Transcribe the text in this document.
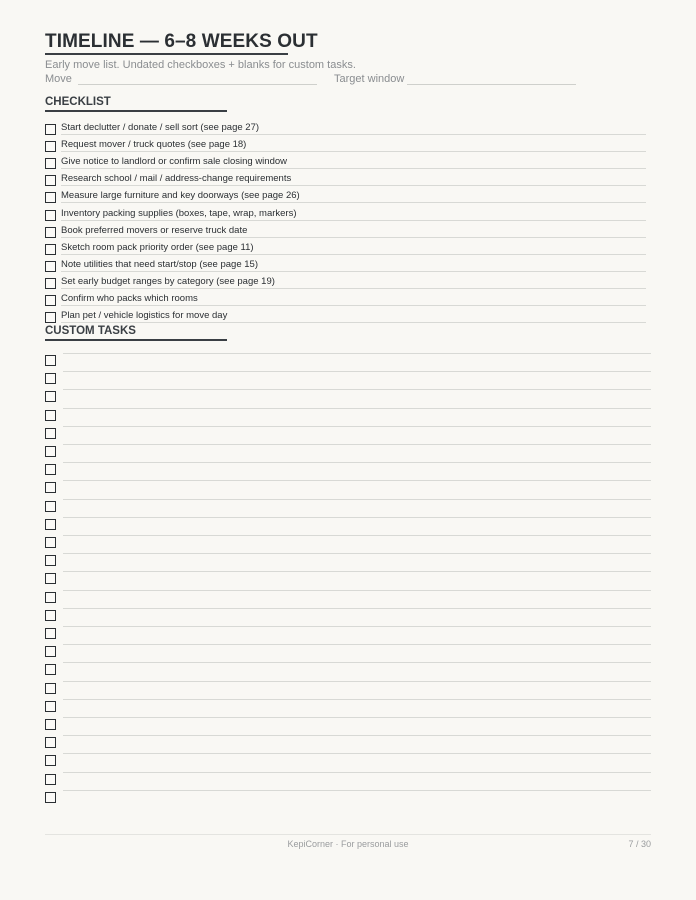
TIMELINE — 6–8 WEEKS OUT
Early move list. Undated checkboxes + blanks for custom tasks.
Move	Target window
CHECKLIST
Start declutter / donate / sell sort (see page 27)
Request mover / truck quotes (see page 18)
Give notice to landlord or confirm sale closing window
Research school / mail / address-change requirements
Measure large furniture and key doorways (see page 26)
Inventory packing supplies (boxes, tape, wrap, markers)
Book preferred movers or reserve truck date
Sketch room pack priority order (see page 11)
Note utilities that need start/stop (see page 15)
Set early budget ranges by category (see page 19)
Confirm who packs which rooms
Plan pet / vehicle logistics for move day
CUSTOM TASKS
KepiCorner · For personal use	7 / 30
